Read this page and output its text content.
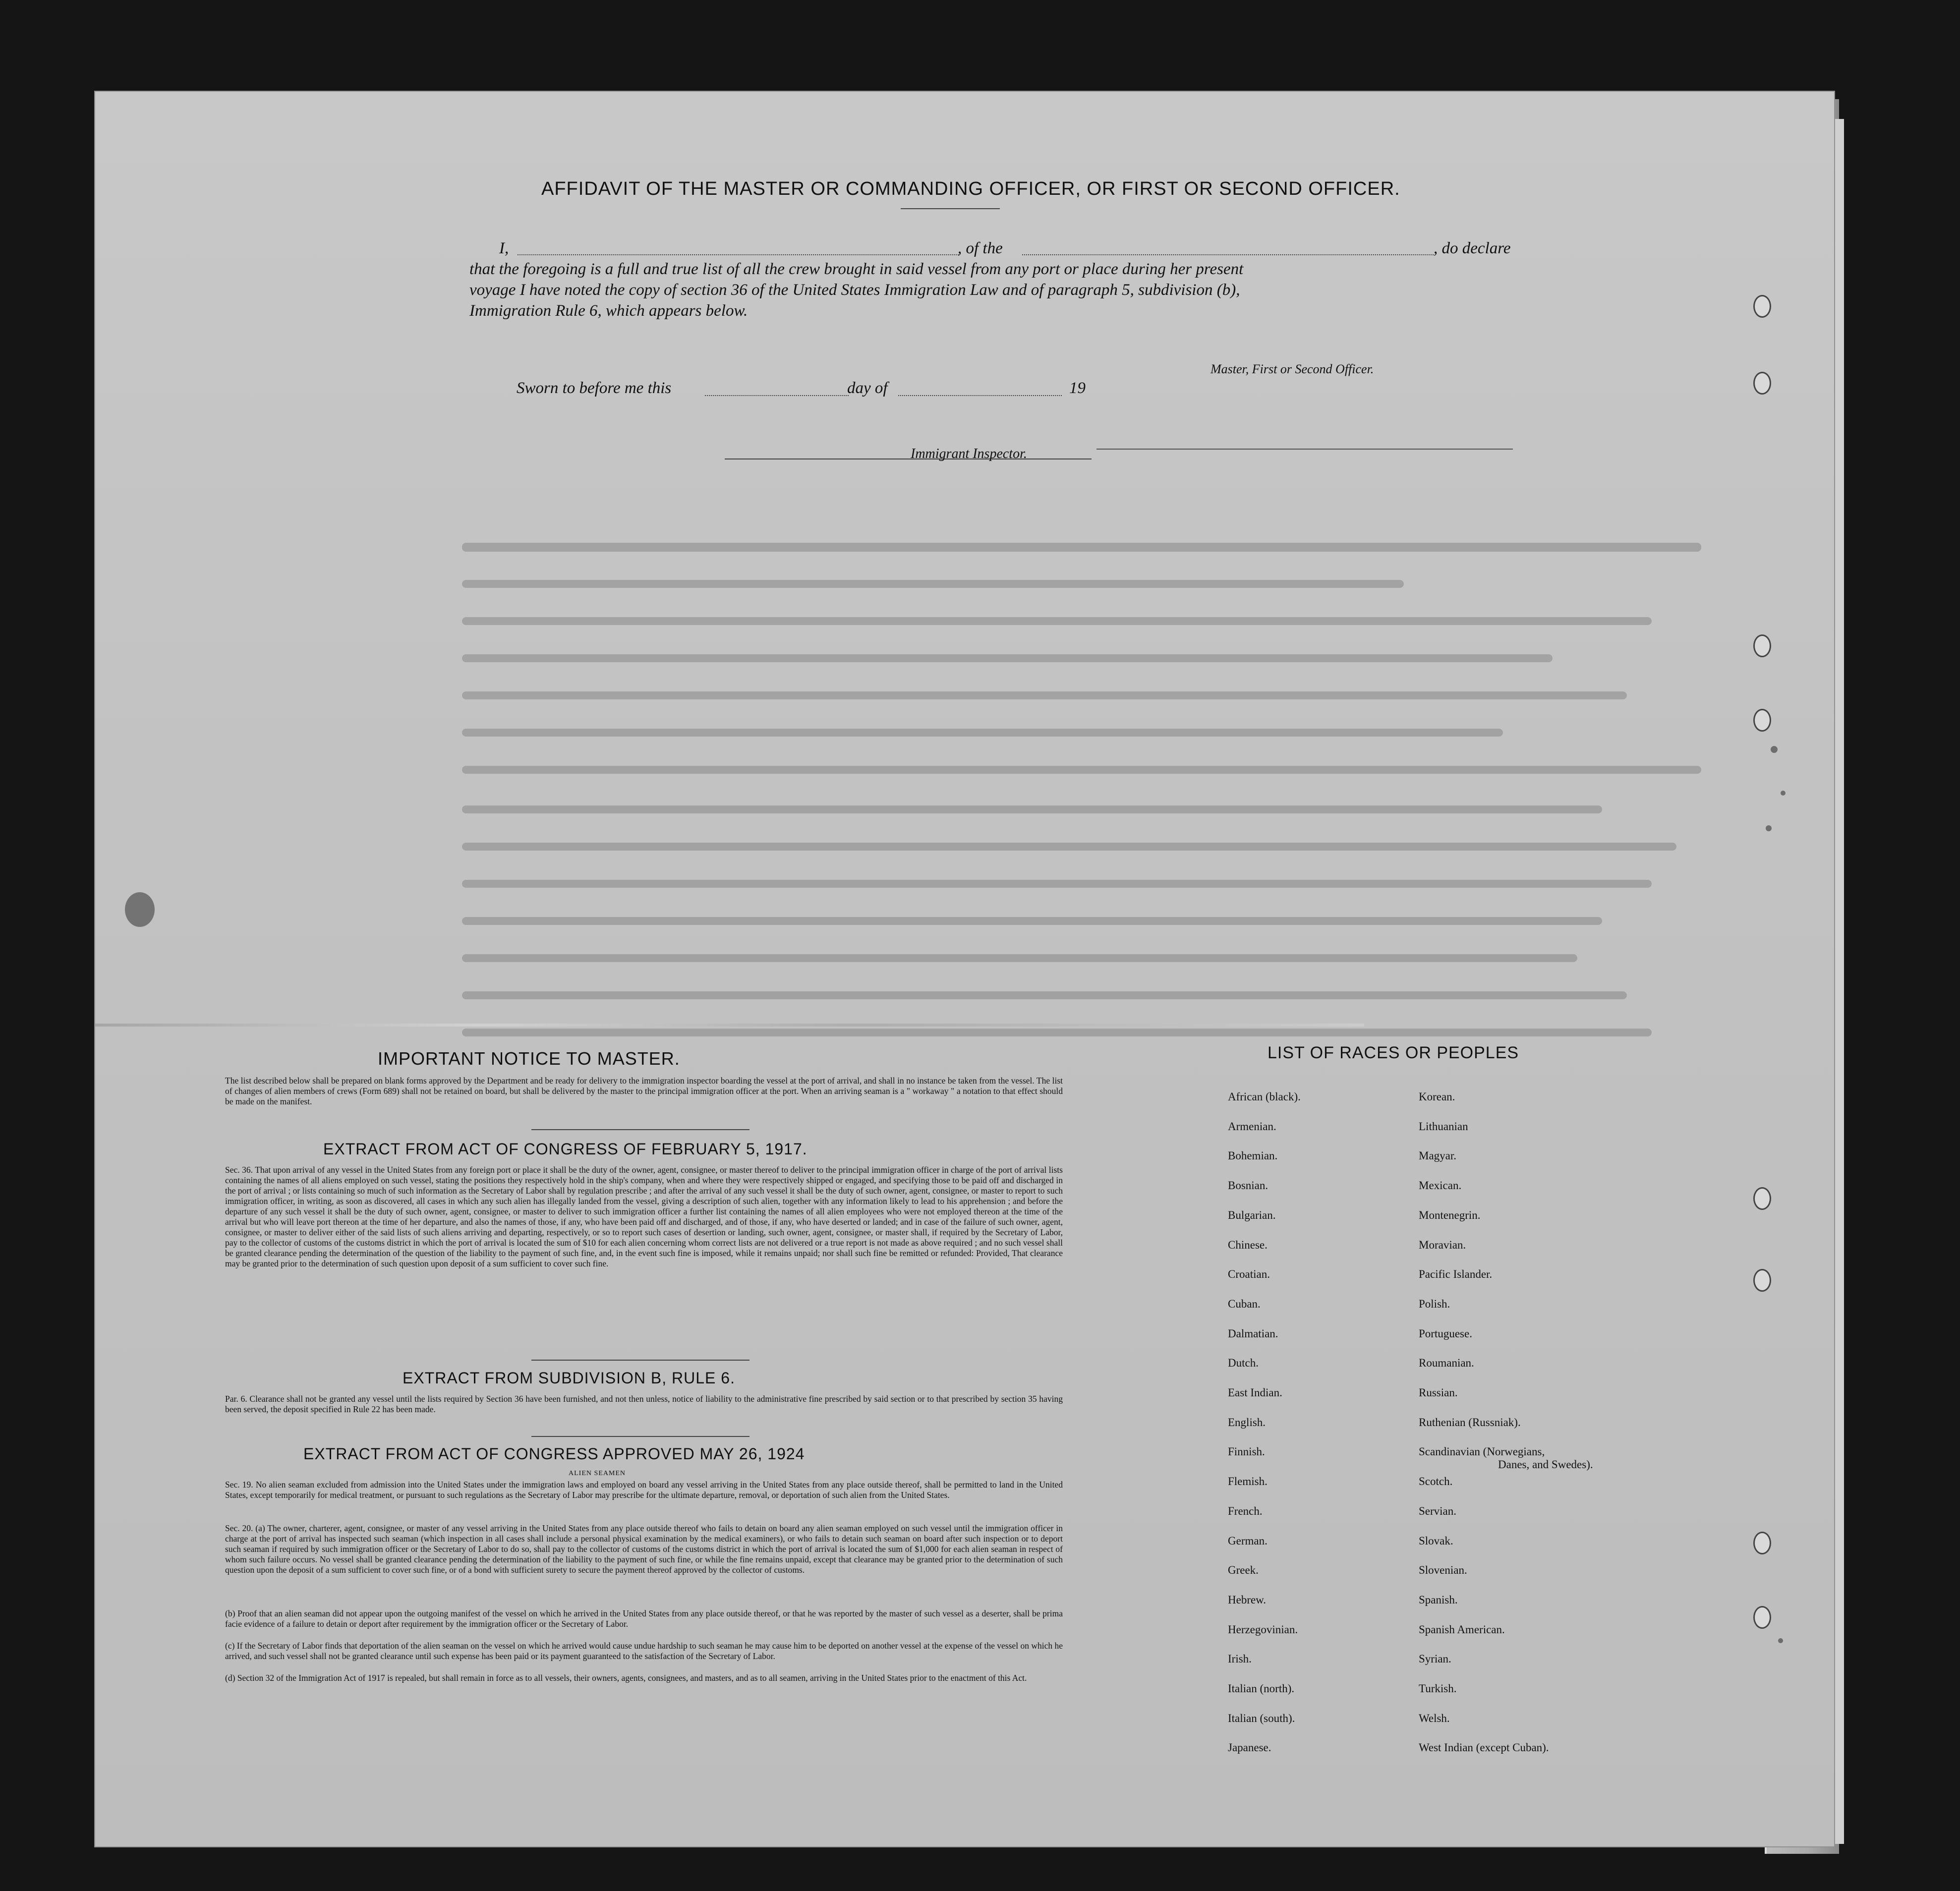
AFFIDAVIT OF THE MASTER OR COMMANDING OFFICER, OR FIRST OR SECOND OFFICER.
I,	, of the	, do declare
that the foregoing is a full and true list of all the crew brought in said vessel from any port or place during her present
voyage I have noted the copy of section 36 of the United States Immigration Law and of paragraph 5, subdivision (b),
Immigration Rule 6, which appears below.
Master, First or Second Officer.
Sworn to before me this	day of	19
Immigrant Inspector.
IMPORTANT NOTICE TO MASTER.
The list described below shall be prepared on blank forms approved by the Department and be ready for delivery to the immigration inspector boarding the vessel at the port of arrival, and shall in no instance be taken from the vessel. The list of changes of alien members of crews (Form 689) shall not be retained on board, but shall be delivered by the master to the principal immigration officer at the port. When an arriving seaman is a " workaway " a notation to that effect should be made on the manifest.
EXTRACT FROM ACT OF CONGRESS OF FEBRUARY 5, 1917.
Sec. 36. That upon arrival of any vessel in the United States from any foreign port or place it shall be the duty of the owner, agent, consignee, or master thereof to deliver to the principal immigration officer in charge of the port of arrival lists containing the names of all aliens employed on such vessel, stating the positions they respectively hold in the ship's company, when and where they were respectively shipped or engaged, and specifying those to be paid off and discharged in the port of arrival ; or lists containing so much of such information as the Secretary of Labor shall by regulation prescribe ; and after the arrival of any such vessel it shall be the duty of such owner, agent, consignee, or master to report to such immigration officer, in writing, as soon as discovered, all cases in which any such alien has illegally landed from the vessel, giving a description of such alien, together with any information likely to lead to his apprehension ; and before the departure of any such vessel it shall be the duty of such owner, agent, consignee, or master to deliver to such immigration officer a further list containing the names of all alien employees who were not employed thereon at the time of the arrival but who will leave port thereon at the time of her departure, and also the names of those, if any, who have been paid off and discharged, and of those, if any, who have deserted or landed; and in case of the failure of such owner, agent, consignee, or master to deliver either of the said lists of such aliens arriving and departing, respectively, or so to report such cases of desertion or landing, such owner, agent, consignee, or master shall, if required by the Secretary of Labor, pay to the collector of customs of the customs district in which the port of arrival is located the sum of $10 for each alien concerning whom correct lists are not delivered or a true report is not made as above required ; and no such vessel shall be granted clearance pending the determination of the question of the liability to the payment of such fine, and, in the event such fine is imposed, while it remains unpaid; nor shall such fine be remitted or refunded: Provided, That clearance may be granted prior to the determination of such question upon deposit of a sum sufficient to cover such fine.
EXTRACT FROM SUBDIVISION B, RULE 6.
Par. 6. Clearance shall not be granted any vessel until the lists required by Section 36 have been furnished, and not then unless, notice of liability to the administrative fine prescribed by said section or to that prescribed by section 35 having been served, the deposit specified in Rule 22 has been made.
EXTRACT FROM ACT OF CONGRESS APPROVED MAY 26, 1924
ALIEN SEAMEN
Sec. 19. No alien seaman excluded from admission into the United States under the immigration laws and employed on board any vessel arriving in the United States from any place outside thereof, shall be permitted to land in the United States, except temporarily for medical treatment, or pursuant to such regulations as the Secretary of Labor may prescribe for the ultimate departure, removal, or deportation of such alien from the United States.
Sec. 20. (a) The owner, charterer, agent, consignee, or master of any vessel arriving in the United States from any place outside thereof who fails to detain on board any alien seaman employed on such vessel until the immigration officer in charge at the port of arrival has inspected such seaman (which inspection in all cases shall include a personal physical examination by the medical examiners), or who fails to detain such seaman on board after such inspection or to deport such seaman if required by such immigration officer or the Secretary of Labor to do so, shall pay to the collector of customs of the customs district in which the port of arrival is located the sum of $1,000 for each alien seaman in respect of whom such failure occurs. No vessel shall be granted clearance pending the determination of the liability to the payment of such fine, or while the fine remains unpaid, except that clearance may be granted prior to the determination of such question upon the deposit of a sum sufficient to cover such fine, or of a bond with sufficient surety to secure the payment thereof approved by the collector of customs.
(b) Proof that an alien seaman did not appear upon the outgoing manifest of the vessel on which he arrived in the United States from any place outside thereof, or that he was reported by the master of such vessel as a deserter, shall be prima facie evidence of a failure to detain or deport after requirement by the immigration officer or the Secretary of Labor.
(c) If the Secretary of Labor finds that deportation of the alien seaman on the vessel on which he arrived would cause undue hardship to such seaman he may cause him to be deported on another vessel at the expense of the vessel on which he arrived, and such vessel shall not be granted clearance until such expense has been paid or its payment guaranteed to the satisfaction of the Secretary of Labor.
(d) Section 32 of the Immigration Act of 1917 is repealed, but shall remain in force as to all vessels, their owners, agents, consignees, and masters, and as to all seamen, arriving in the United States prior to the enactment of this Act.
LIST OF RACES OR PEOPLES
African (black).
Armenian.
Bohemian.
Bosnian.
Bulgarian.
Chinese.
Croatian.
Cuban.
Dalmatian.
Dutch.
East Indian.
English.
Finnish.
Flemish.
French.
German.
Greek.
Hebrew.
Herzegovinian.
Irish.
Italian (north).
Italian (south).
Japanese.
Korean.
Lithuanian
Magyar.
Mexican.
Montenegrin.
Moravian.
Pacific Islander.
Polish.
Portuguese.
Roumanian.
Russian.
Ruthenian (Russniak).
Scandinavian (Norwegians,
Danes, and Swedes).
Scotch.
Servian.
Slovak.
Slovenian.
Spanish.
Spanish American.
Syrian.
Turkish.
Welsh.
West Indian (except Cuban).
